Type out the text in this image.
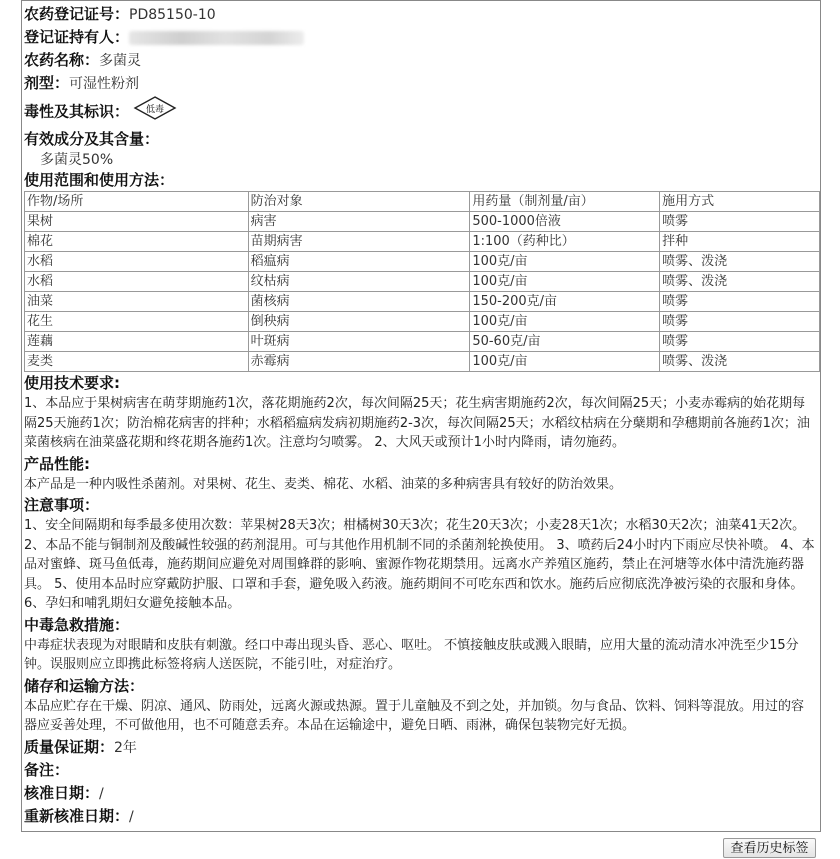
农药登记证号：PD85150-10
登记证持有人：
农药名称：多菌灵
剂型：可湿性粉剂
毒性及其标识： 低毒
有效成分及其含量：
多菌灵50%
使用范围和使用方法：
作物/场所	防治对象	用药量（制剂量/亩）	施用方式
果树	病害	500-1000倍液	喷雾
棉花	苗期病害	1:100（药种比）	拌种
水稻	稻瘟病	100克/亩	喷雾、泼浇
水稻	纹枯病	100克/亩	喷雾、泼浇
油菜	菌核病	150-200克/亩	喷雾
花生	倒秧病	100克/亩	喷雾
莲藕	叶斑病	50-60克/亩	喷雾
麦类	赤霉病	100克/亩	喷雾、泼浇
使用技术要求:

1、本品应于果树病害在萌芽期施药1次，落花期施药2次，每次间隔25天；花生病害期施药2次，每次间隔25天；小麦赤霉病的始花期每隔25天施药1次；防治棉花病害的拌种；水稻稻瘟病发病初期施药2-3次，每次间隔25天；水稻纹枯病在分蘖期和孕穗期前各施药1次；油菜菌核病在油菜盛花期和终花期各施药1次。注意均匀喷雾。 2、大风天或预计1小时内降雨，请勿施药。

产品性能:

本产品是一种内吸性杀菌剂。对果树、花生、麦类、棉花、水稻、油菜的多种病害具有较好的防治效果。

注意事项：

1、安全间隔期和每季最多使用次数：苹果树28天3次；柑橘树30天3次；花生20天3次；小麦28天1次；水稻30天2次；油菜41天2次。 2、本品不能与铜制剂及酸碱性较强的药剂混用。可与其他作用机制不同的杀菌剂轮换使用。 3、喷药后24小时内下雨应尽快补喷。 4、本品对蜜蜂、斑马鱼低毒，施药期间应避免对周围蜂群的影响、蜜源作物花期禁用。远离水产养殖区施药，禁止在河塘等水体中清洗施药器具。 5、使用本品时应穿戴防护服、口罩和手套，避免吸入药液。施药期间不可吃东西和饮水。施药后应彻底洗净被污染的衣服和身体。 6、孕妇和哺乳期妇女避免接触本品。

中毒急救措施：

中毒症状表现为对眼睛和皮肤有刺激。经口中毒出现头昏、恶心、呕吐。 不慎接触皮肤或溅入眼睛，应用大量的流动清水冲洗至少15分钟。误服则应立即携此标签将病人送医院，不能引吐，对症治疗。

储存和运输方法：

本品应贮存在干燥、阴凉、通风、防雨处，远离火源或热源。置于儿童触及不到之处，并加锁。勿与食品、饮料、饲料等混放。用过的容器应妥善处理，不可做他用，也不可随意丢弃。本品在运输途中，避免日晒、雨淋，确保包装物完好无损。

质量保证期：2年
备注：
核准日期：/
重新核准日期：/
查看历史标签
